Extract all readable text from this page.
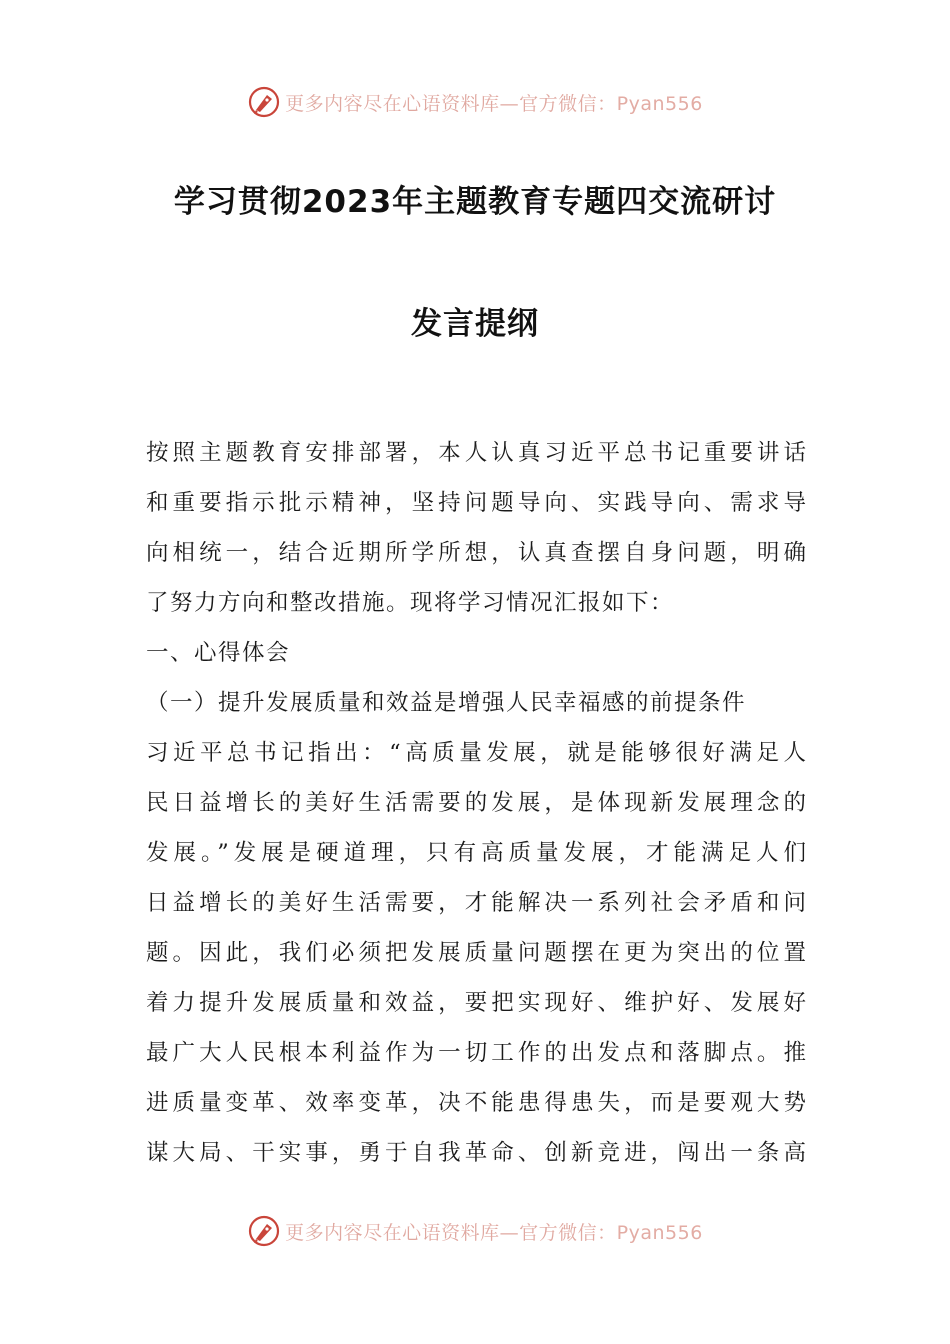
更多内容尽在心语资料库—官方微信：Pyan556
学习贯彻2023年主题教育专题四交流研讨
发言提纲
按照主题教育安排部署，本人认真习近平总书记重要讲话
和重要指示批示精神，坚持问题导向、实践导向、需求导
向相统一，结合近期所学所想，认真查摆自身问题，明确
了努力方向和整改措施。现将学习情况汇报如下：
一、心得体会
（一）提升发展质量和效益是增强人民幸福感的前提条件
习近平总书记指出：“高质量发展，就是能够很好满足人
民日益增长的美好生活需要的发展，是体现新发展理念的
发展。”发展是硬道理，只有高质量发展，才能满足人们
日益增长的美好生活需要，才能解决一系列社会矛盾和问
题。因此，我们必须把发展质量问题摆在更为突出的位置
着力提升发展质量和效益，要把实现好、维护好、发展好
最广大人民根本利益作为一切工作的出发点和落脚点。推
进质量变革、效率变革，决不能患得患失，而是要观大势
谋大局、干实事，勇于自我革命、创新竞进，闯出一条高
更多内容尽在心语资料库—官方微信：Pyan556
